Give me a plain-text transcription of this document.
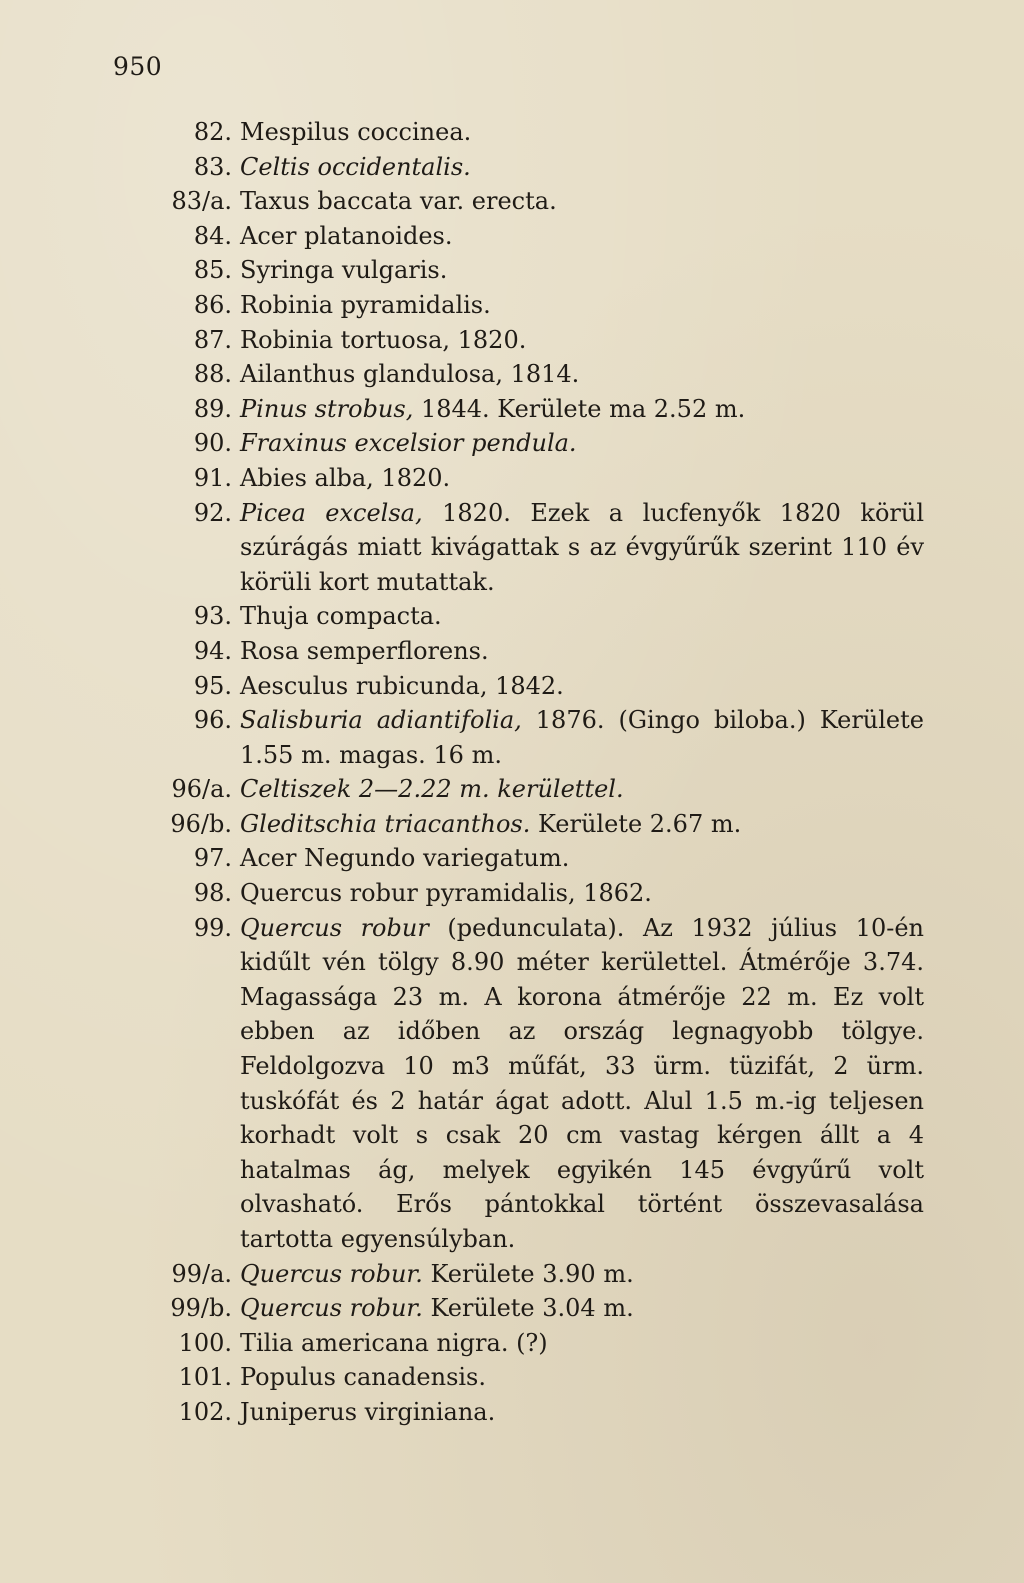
950
82. Mespilus coccinea.
83. Celtis occidentalis.
83/a. Taxus baccata var. erecta.
84. Acer platanoides.
85. Syringa vulgaris.
86. Robinia pyramidalis.
87. Robinia tortuosa, 1820.
88. Ailanthus glandulosa, 1814.
89. Pinus strobus, 1844. Kerülete ma 2.52 m.
90. Fraxinus excelsior pendula.
91. Abies alba, 1820.
92. Picea excelsa, 1820. Ezek a lucfenyők 1820 körül szúrágás miatt kivágattak s az évgyűrűk szerint 110 év körüli kort mutattak.
93. Thuja compacta.
94. Rosa semperflorens.
95. Aesculus rubicunda, 1842.
96. Salisburia adiantifolia, 1876. (Gingo biloba.) Kerülete 1.55 m. magas. 16 m.
96/a. Celtiszek 2—2.22 m. kerülettel.
96/b. Gleditschia triacanthos. Kerülete 2.67 m.
97. Acer Negundo variegatum.
98. Quercus robur pyramidalis, 1862.
99. Quercus robur (pedunculata). Az 1932 július 10-én kidűlt vén tölgy 8.90 méter kerülettel. Átmérője 3.74. Magassága 23 m. A korona átmérője 22 m. Ez volt ebben az időben az ország legnagyobb tölgye. Feldolgozva 10 m3 műfát, 33 ürm. tüzifát, 2 ürm. tuskófát és 2 határ ágat adott. Alul 1.5 m.-ig teljesen korhadt volt s csak 20 cm vastag kérgen állt a 4 hatalmas ág, melyek egyikén 145 évgyűrű volt olvasható. Erős pántokkal történt összevasalása tartotta egyensúlyban.
99/a. Quercus robur. Kerülete 3.90 m.
99/b. Quercus robur. Kerülete 3.04 m.
100. Tilia americana nigra. (?)
101. Populus canadensis.
102. Juniperus virginiana.
